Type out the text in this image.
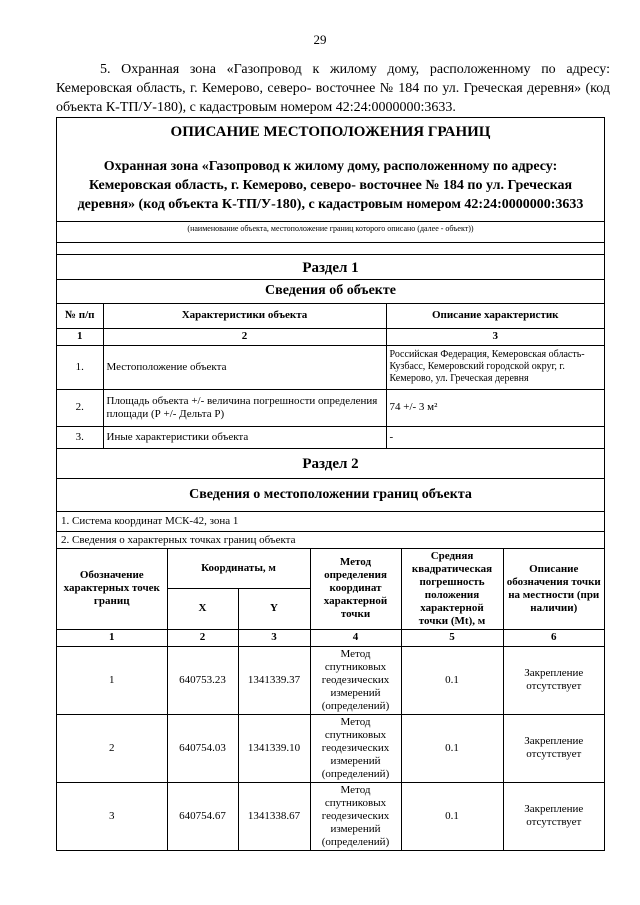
29
5. Охранная зона «Газопровод к жилому дому, расположенному по адресу: Кемеровская область, г. Кемерово, северо- восточнее № 184 по ул. Греческая деревня» (код объекта К-ТП/У-180), с кадастровым номером 42:24:0000000:3633.
ОПИСАНИЕ МЕСТОПОЛОЖЕНИЯ ГРАНИЦ
Охранная зона «Газопровод к жилому дому, расположенному по адресу: Кемеровская область, г. Кемерово, северо- восточнее № 184 по ул. Греческая деревня» (код объекта К-ТП/У-180), с кадастровым номером 42:24:0000000:3633
(наименование объекта, местоположение границ которого описано (далее - объект))
Раздел 1
Сведения об объекте
№ п/п	Характеристики объекта	Описание характеристик
1	2	3
1.	Местоположение объекта	Российская Федерация, Кемеровская область-Кузбасс, Кемеровский городской округ, г. Кемерово, ул. Греческая деревня
2.	Площадь объекта +/- величина погрешности определения площади (Р +/- Дельта Р)	74 +/- 3 м²
3.	Иные характеристики объекта	-
Раздел 2
Сведения о местоположении границ объекта
1. Система координат МСК-42, зона 1
2. Сведения о характерных точках границ объекта
Обозначение характерных точек границ	Координаты, м		Метод определения координат характерной точки	Средняя квадратическая погрешность положения характерной точки (Mt), м	Описание обозначения точки на местности (при наличии)
	X	Y			
1	2	3	4	5	6
1	640753.23	1341339.37	Метод спутниковых геодезических измерений (определений)	0.1	Закрепление отсутствует
2	640754.03	1341339.10	Метод спутниковых геодезических измерений (определений)	0.1	Закрепление отсутствует
3	640754.67	1341338.67	Метод спутниковых геодезических измерений (определений)	0.1	Закрепление отсутствует
